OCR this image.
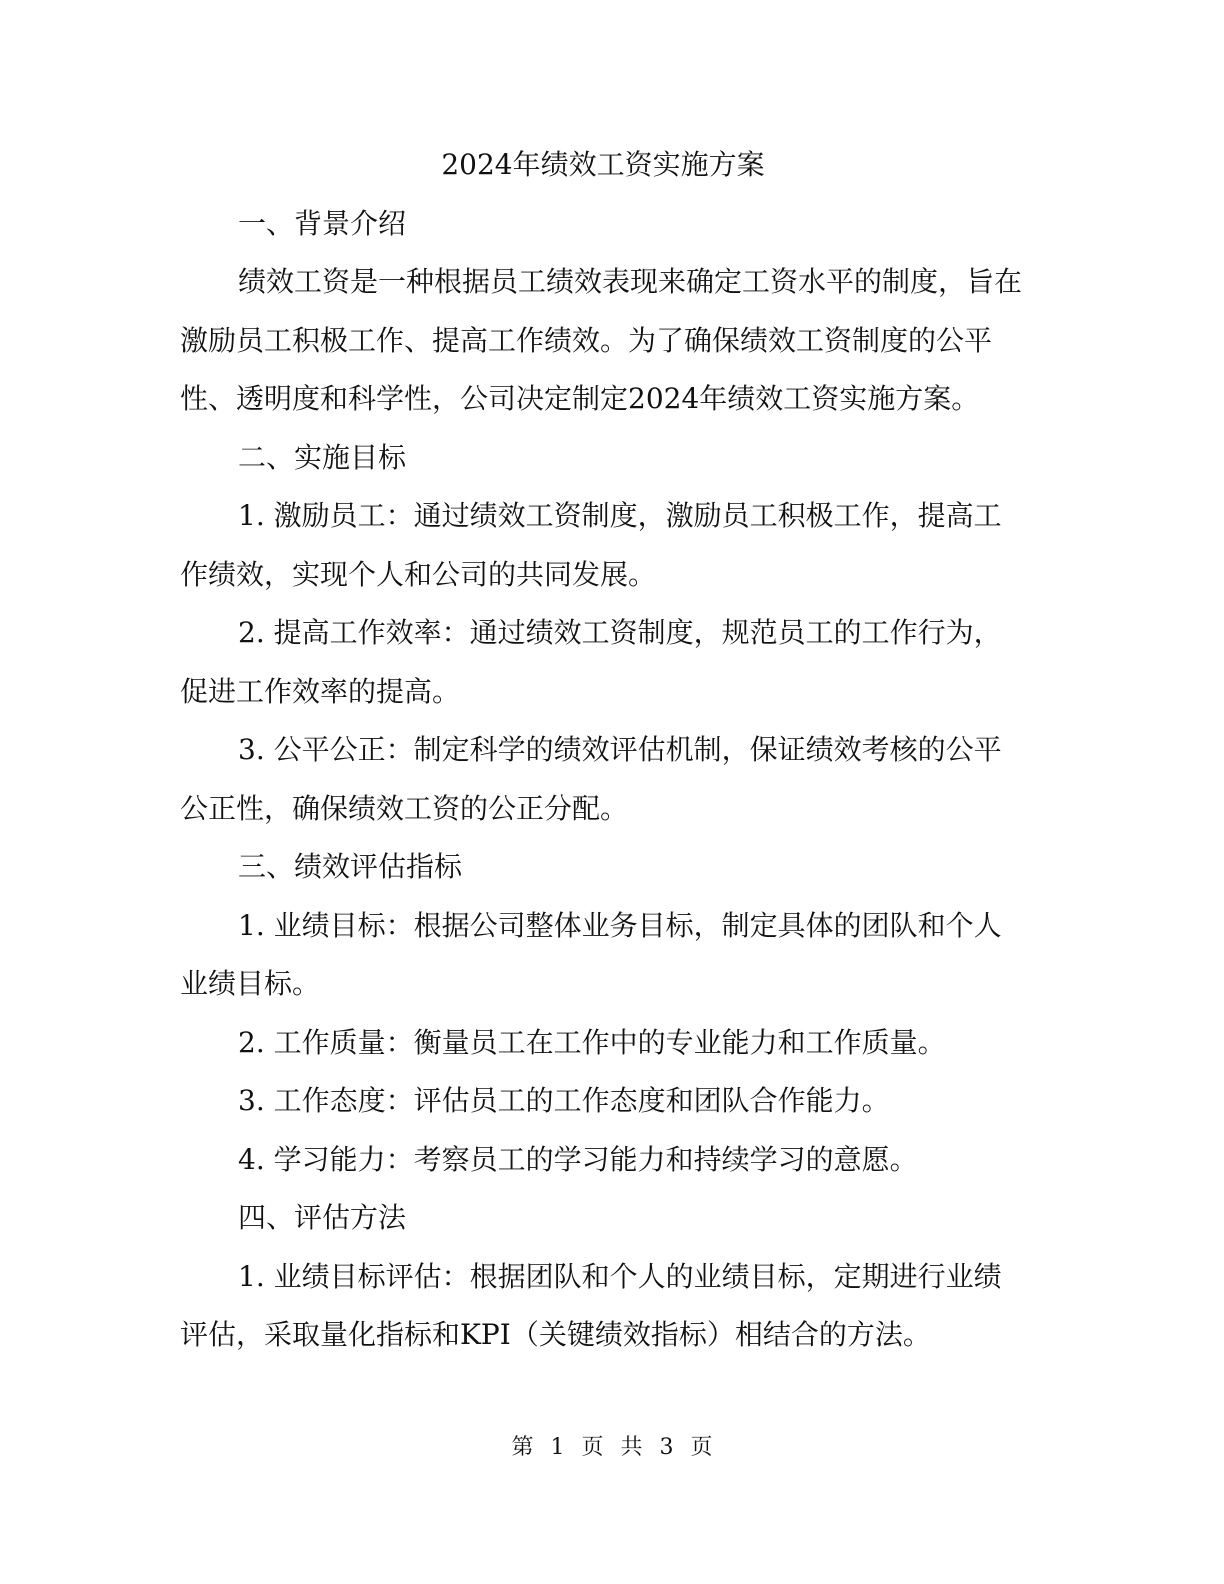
2024年绩效工资实施方案

一、背景介绍

绩效工资是一种根据员工绩效表现来确定工资水平的制度，旨在激励员工积极工作、提高工作绩效。为了确保绩效工资制度的公平性、透明度和科学性，公司决定制定2024年绩效工资实施方案。

二、实施目标

1. 激励员工：通过绩效工资制度，激励员工积极工作，提高工作绩效，实现个人和公司的共同发展。

2. 提高工作效率：通过绩效工资制度，规范员工的工作行为，促进工作效率的提高。

3. 公平公正：制定科学的绩效评估机制，保证绩效考核的公平公正性，确保绩效工资的公正分配。

三、绩效评估指标

1. 业绩目标：根据公司整体业务目标，制定具体的团队和个人业绩目标。

2. 工作质量：衡量员工在工作中的专业能力和工作质量。

3. 工作态度：评估员工的工作态度和团队合作能力。

4. 学习能力：考察员工的学习能力和持续学习的意愿。

四、评估方法

1. 业绩目标评估：根据团队和个人的业绩目标，定期进行业绩评估，采取量化指标和KPI（关键绩效指标）相结合的方法。

第 1 页 共 3 页
